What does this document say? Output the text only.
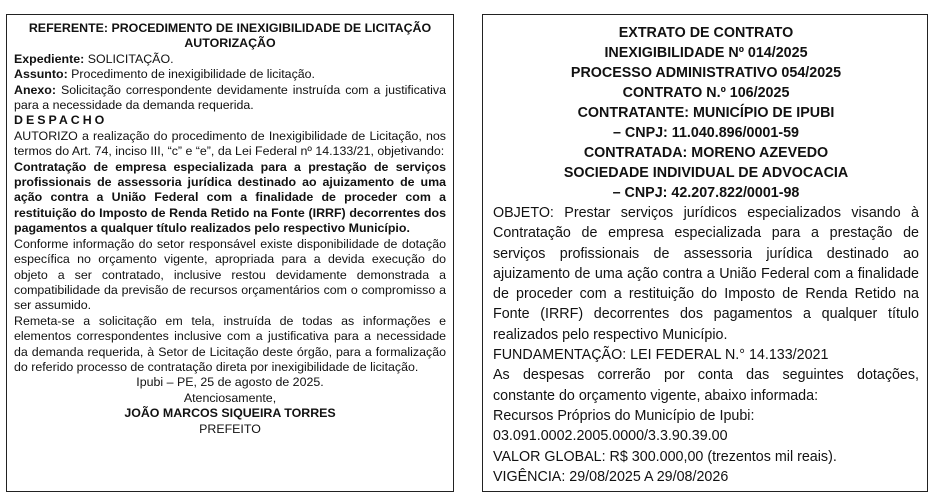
REFERENTE: PROCEDIMENTO DE INEXIGIBILIDADE DE LICITAÇÃO AUTORIZAÇÃO

Expediente: SOLICITAÇÃO.

Assunto: Procedimento de inexigibilidade de licitação.

Anexo: Solicitação correspondente devidamente instruída com a justificativa para a necessidade da demanda requerida.

DESPACHO

AUTORIZO a realização do procedimento de Inexigibilidade de Licitação, nos termos do Art. 74, inciso III, “c” e “e”, da Lei Federal nº 14.133/21, objetivando:

Contratação de empresa especializada para a prestação de serviços profissionais de assessoria jurídica destinado ao ajuizamento de uma ação contra a União Federal com a finalidade de proceder com a restituição do Imposto de Renda Retido na Fonte (IRRF) decorrentes dos pagamentos a qualquer título realizados pelo respectivo Município.

Conforme informação do setor responsável existe disponibilidade de dotação específica no orçamento vigente, apropriada para a devida execução do objeto a ser contratado, inclusive restou devidamente demonstrada a compatibilidade da previsão de recursos orçamentários com o compromisso a ser assumido.

Remeta-se a solicitação em tela, instruída de todas as informações e elementos correspondentes inclusive com a justificativa para a necessidade da demanda requerida, à Setor de Licitação deste órgão, para a formalização do referido processo de contratação direta por inexigibilidade de licitação.

Ipubi – PE, 25 de agosto de 2025.

Atenciosamente,

JOÃO MARCOS SIQUEIRA TORRES

PREFEITO

EXTRATO DE CONTRATO

INEXIGIBILIDADE Nº 014/2025

PROCESSO ADMINISTRATIVO 054/2025

CONTRATO N.º 106/2025

CONTRATANTE: MUNICÍPIO DE IPUBI

– CNPJ: 11.040.896/0001-59

CONTRATADA: MORENO AZEVEDO

SOCIEDADE INDIVIDUAL DE ADVOCACIA

– CNPJ: 42.207.822/0001-98

OBJETO: Prestar serviços jurídicos especializados visando à Contratação de empresa especializada para a prestação de serviços profissionais de assessoria jurídica destinado ao ajuizamento de uma ação contra a União Federal com a finalidade de proceder com a restituição do Imposto de Renda Retido na Fonte (IRRF) decorrentes dos pagamentos a qualquer título realizados pelo respectivo Município.

FUNDAMENTAÇÃO: LEI FEDERAL N.° 14.133/2021

As despesas correrão por conta das seguintes dotações, constante do orçamento vigente, abaixo informada:

Recursos Próprios do Município de Ipubi:

03.091.0002.2005.0000/3.3.90.39.00

VALOR GLOBAL: R$ 300.000,00 (trezentos mil reais).

VIGÊNCIA: 29/08/2025 A 29/08/2026
